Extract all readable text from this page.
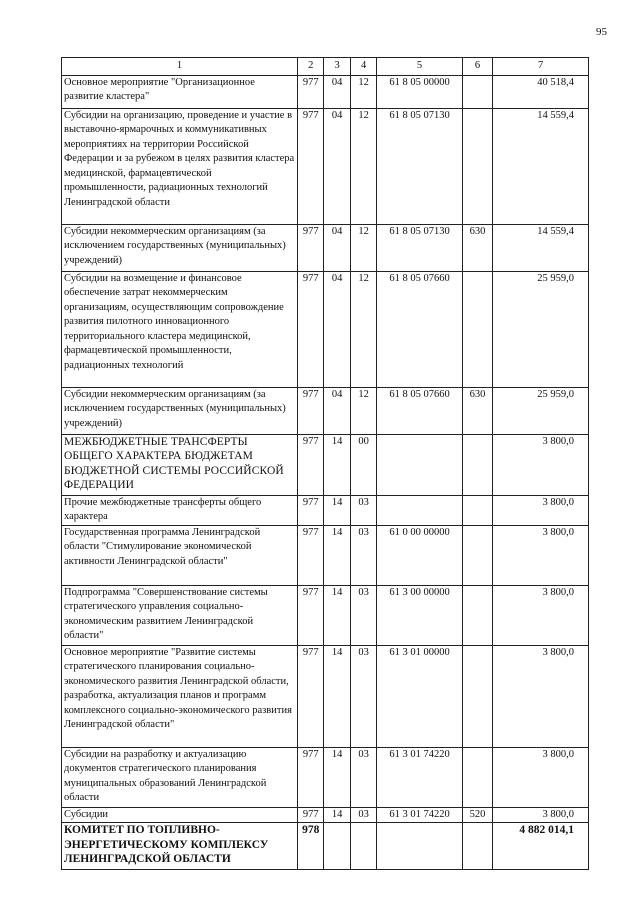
95
1	2	3	4	5	6	7
Основное мероприятие "Организационное развитие кластера"	977	04	12	61 8 05 00000		40 518,4
Субсидии на организацию, проведение и участие в выставочно-ярмарочных и коммуникативных мероприятиях на территории Российской Федерации и за рубежом в целях развития кластера медицинской, фармацевтической промышленности, радиационных технологий Ленинградской области	977	04	12	61 8 05 07130		14 559,4
Субсидии некоммерческим организациям (за исключением государственных (муниципальных) учреждений)	977	04	12	61 8 05 07130	630	14 559,4
Субсидии на возмещение и финансовое обеспечение затрат некоммерческим организациям, осуществляющим сопровождение развития пилотного инновационного территориального кластера медицинской, фармацевтической промышленности, радиационных технологий	977	04	12	61 8 05 07660		25 959,0
Субсидии некоммерческим организациям (за исключением государственных (муниципальных) учреждений)	977	04	12	61 8 05 07660	630	25 959,0
МЕЖБЮДЖЕТНЫЕ ТРАНСФЕРТЫ ОБЩЕГО ХАРАКТЕРА БЮДЖЕТАМ БЮДЖЕТНОЙ СИСТЕМЫ РОССИЙСКОЙ ФЕДЕРАЦИИ	977	14	00			3 800,0
Прочие межбюджетные трансферты общего характера	977	14	03			3 800,0
Государственная программа Ленинградской области "Стимулирование экономической активности Ленинградской области"	977	14	03	61 0 00 00000		3 800,0
Подпрограмма "Совершенствование системы стратегического управления социально-экономическим развитием Ленинградской области"	977	14	03	61 3 00 00000		3 800,0
Основное мероприятие "Развитие системы стратегического планирования социально-экономического развития Ленинградской области, разработка, актуализация планов и программ комплексного социально-экономического развития Ленинградской области"	977	14	03	61 3 01 00000		3 800,0
Субсидии на разработку и актуализацию документов стратегического планирования муниципальных образований Ленинградской области	977	14	03	61 3 01 74220		3 800,0
Субсидии	977	14	03	61 3 01 74220	520	3 800,0
КОМИТЕТ ПО ТОПЛИВНО-ЭНЕРГЕТИЧЕСКОМУ КОМПЛЕКСУ ЛЕНИНГРАДСКОЙ ОБЛАСТИ	978					4 882 014,1
